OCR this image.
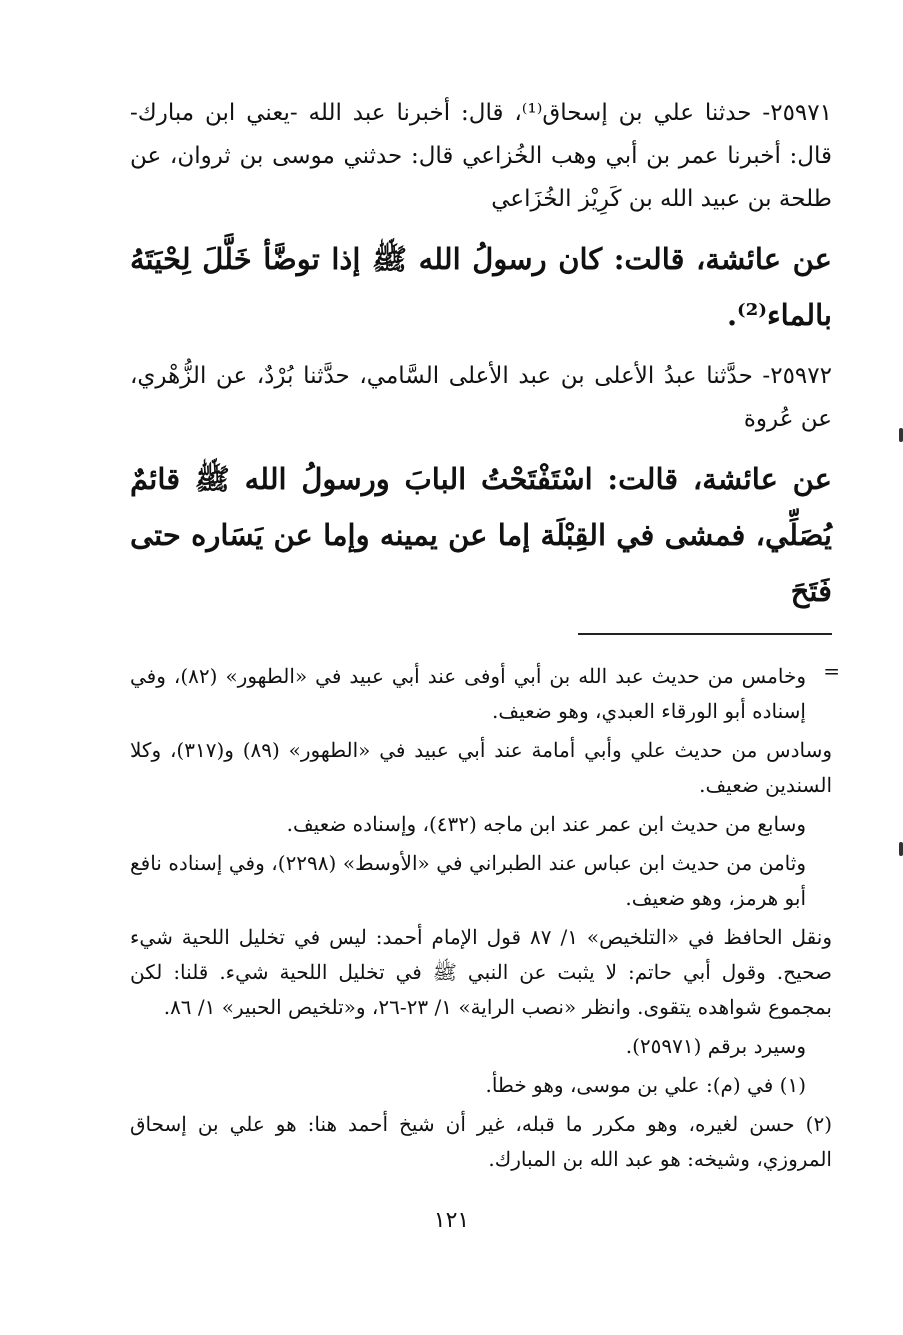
٢٥٩٧١- حدثنا علي بن إسحاق⁽¹⁾، قال: أخبرنا عبد الله -يعني ابن مبارك- قال: أخبرنا عمر بن أبي وهب الخُزاعي قال: حدثني موسى بن ثروان، عن طلحة بن عبيد الله بن كَرِيْز الخُزَاعي

عن عائشة، قالت: كان رسولُ الله ﷺ إذا توضَّأ خَلَّلَ لِحْيَتَهُ بالماء⁽²⁾.

٢٥٩٧٢- حدَّثنا عبدُ الأعلى بن عبد الأعلى السَّامي، حدَّثنا بُرْدٌ، عن الزُّهْري، عن عُروة

عن عائشة، قالت: اسْتَفْتَحْتُ البابَ ورسولُ الله ﷺ قائمٌ يُصَلِّي، فمشى في القِبْلَة إما عن يمينه وإما عن يَسَاره حتى فَتَحَ

=

وخامس من حديث عبد الله بن أبي أوفى عند أبي عبيد في «الطهور» (٨٢)، وفي إسناده أبو الورقاء العبدي، وهو ضعيف.

وسادس من حديث علي وأبي أمامة عند أبي عبيد في «الطهور» (٨٩) و(٣١٧)، وكلا السندين ضعيف.

وسابع من حديث ابن عمر عند ابن ماجه (٤٣٢)، وإسناده ضعيف.

وثامن من حديث ابن عباس عند الطبراني في «الأوسط» (٢٢٩٨)، وفي إسناده نافع أبو هرمز، وهو ضعيف.

ونقل الحافظ في «التلخيص» ١/ ٨٧ قول الإمام أحمد: ليس في تخليل اللحية شيء صحيح. وقول أبي حاتم: لا يثبت عن النبي ﷺ في تخليل اللحية شيء. قلنا: لكن بمجموع شواهده يتقوى. وانظر «نصب الراية» ١/ ٢٣-٢٦، و«تلخيص الحبير» ١/ ٨٦.

وسيرد برقم (٢٥٩٧١).

(١) في (م): علي بن موسى، وهو خطأ.

(٢) حسن لغيره، وهو مكرر ما قبله، غير أن شيخ أحمد هنا: هو علي بن إسحاق المروزي، وشيخه: هو عبد الله بن المبارك.

١٢١
